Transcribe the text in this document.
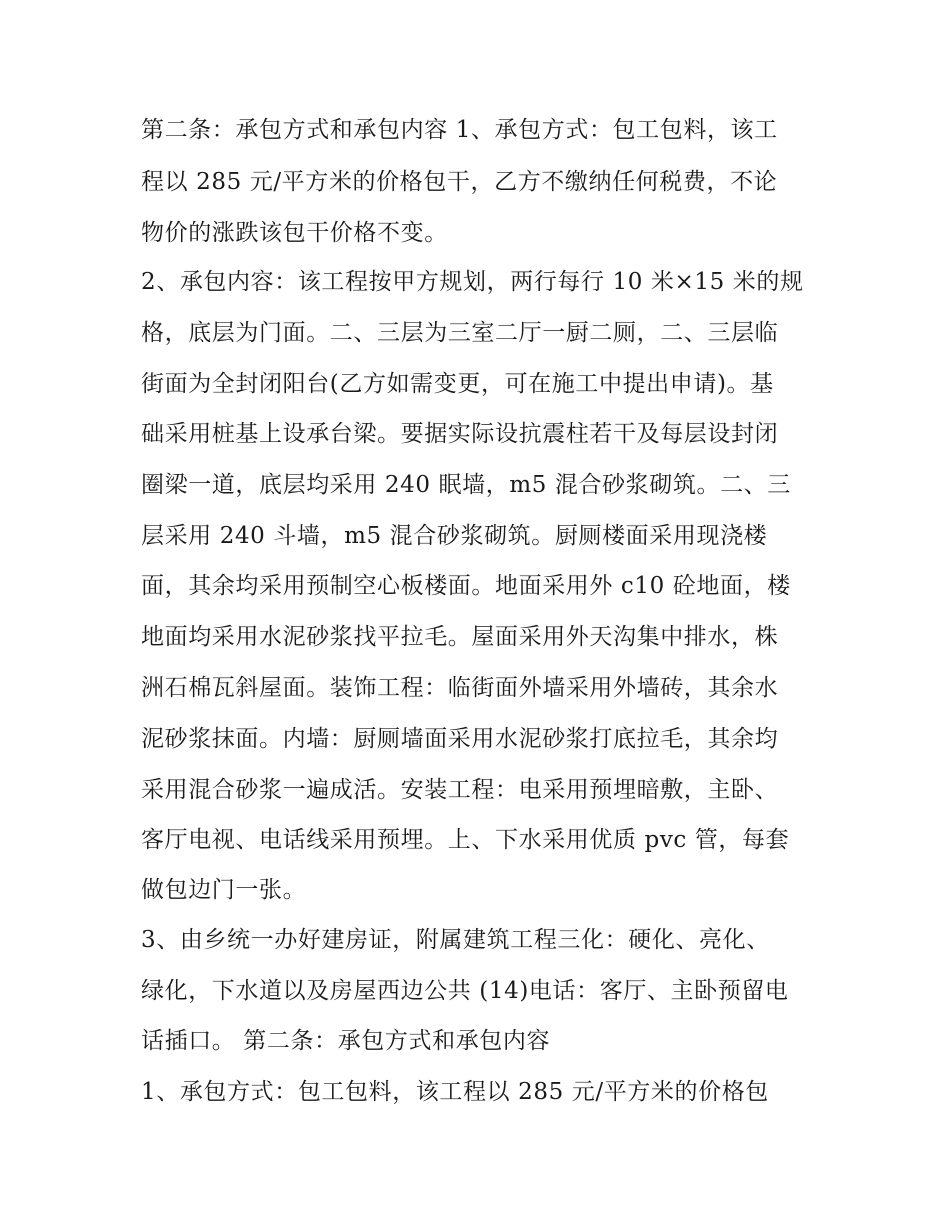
第二条：承包方式和承包内容 1、承包方式：包工包料，该工
程以 285 元/平方米的价格包干，乙方不缴纳任何税费，不论
物价的涨跌该包干价格不变。
2、承包内容：该工程按甲方规划，两行每行 10 米×15 米的规
格，底层为门面。二、三层为三室二厅一厨二厕，二、三层临
街面为全封闭阳台(乙方如需变更，可在施工中提出申请)。基
础采用桩基上设承台梁。要据实际设抗震柱若干及每层设封闭
圈梁一道，底层均采用 240 眠墙，m5 混合砂浆砌筑。二、三
层采用 240 斗墙，m5 混合砂浆砌筑。厨厕楼面采用现浇楼
面，其余均采用预制空心板楼面。地面采用外 c10 砼地面，楼
地面均采用水泥砂浆找平拉毛。屋面采用外天沟集中排水，株
洲石棉瓦斜屋面。装饰工程：临街面外墙采用外墙砖，其余水
泥砂浆抹面。内墙：厨厕墙面采用水泥砂浆打底拉毛，其余均
采用混合砂浆一遍成活。安装工程：电采用预埋暗敷，主卧、
客厅电视、电话线采用预埋。上、下水采用优质 pvc 管，每套
做包边门一张。
3、由乡统一办好建房证，附属建筑工程三化：硬化、亮化、
绿化，下水道以及房屋西边公共 (14)电话：客厅、主卧预留电
话插口。 第二条：承包方式和承包内容
1、承包方式：包工包料，该工程以 285 元/平方米的价格包
